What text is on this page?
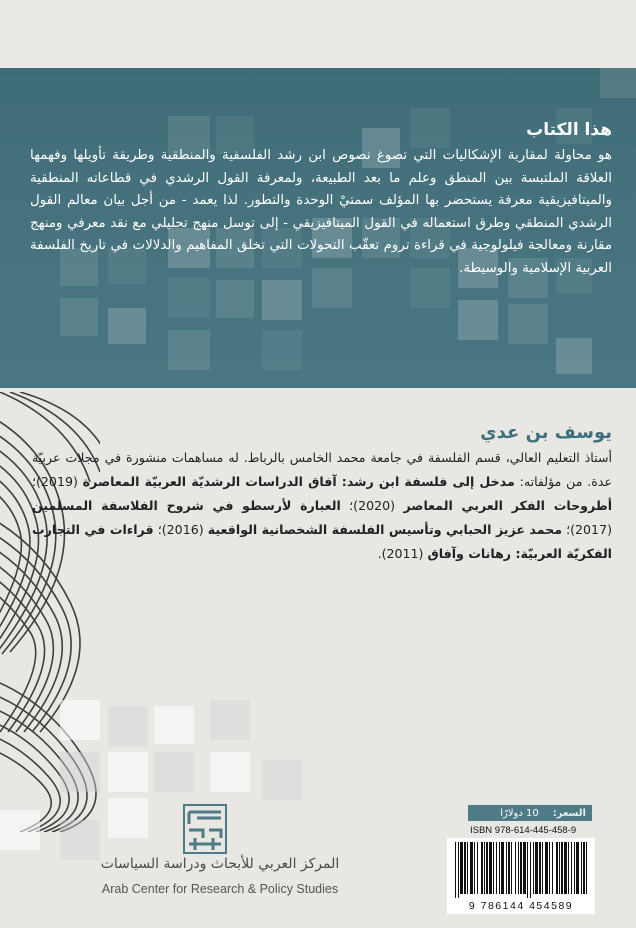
هذا الكتاب

هو محاولة لمقاربة الإشكاليات التي تصوغ نصوص ابن رشد الفلسفية والمنطقية وطريقة تأويلها وفهمها العلاقة الملتبسة بين المنطق وعلم ما بعد الطبيعة، ولمعرفة القول الرشدي في قطاعاته المنطقية والميتافيزيقية معرفة يستحضر بها المؤلف سمتيْ الوحدة والتطور. لذا يعمد - من أجل بيان معالم القول الرشدي المنطقي وطرق استعماله في القول الميتافيزيقي - إلى توسل منهج تحليلي مع نقد معرفي ومنهج مقارنة ومعالجة فيلولوجية في قراءة تروم تعقّب التحولات التي تخلق المفاهيم والدلالات في تاريخ الفلسفة العربية الإسلامية والوسيطة.

يوسف بن عدي

أستاذ التعليم العالي، قسم الفلسفة في جامعة محمد الخامس بالرباط. له مساهمات منشورة في مجلات عربيّة عدة. من مؤلفاته: مدخل إلى فلسفة ابن رشد: آفاق الدراسات الرشديّة العربيّة المعاصرة (2019)؛ أطروحات الفكر العربي المعاصر (2020)؛ العبارة لأرسطو في شروح الفلاسفة المسلمين (2017)؛ محمد عزيز الحبابي وتأسيس الفلسفة الشخصانية الواقعية (2016)؛ قراءات في التجارب الفكريّة العربيّة: رهانات وآفاق (2011).

المركز العربي للأبحاث ودراسة السياسات
Arab Center for Research & Policy Studies
السعر:
10 دولارًا
ISBN 978-614-445-458-9
9 786144 454589
